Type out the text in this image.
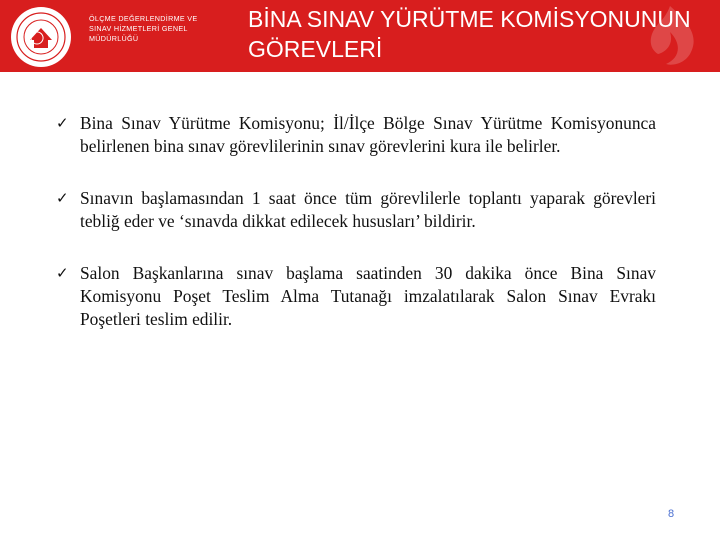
ÖLÇME DEĞERLENDİRME VE
SINAV HİZMETLERİ GENEL
MÜDÜRLÜĞÜ
BİNA SINAV YÜRÜTME KOMİSYONUNUN
GÖREVLERİ
✓ Bina Sınav Yürütme Komisyonu; İl/İlçe Bölge Sınav Yürütme Komisyonunca belirlenen bina sınav görevlilerinin sınav görevlerini kura ile belirler.
✓ Sınavın başlamasından 1 saat önce tüm görevlilerle toplantı yaparak görevleri tebliğ eder ve ‘sınavda dikkat edilecek hususları’ bildirir.
✓ Salon Başkanlarına sınav başlama saatinden 30 dakika önce Bina Sınav Komisyonu Poşet Teslim Alma Tutanağı imzalatılarak Salon Sınav Evrakı Poşetleri teslim edilir.
8
